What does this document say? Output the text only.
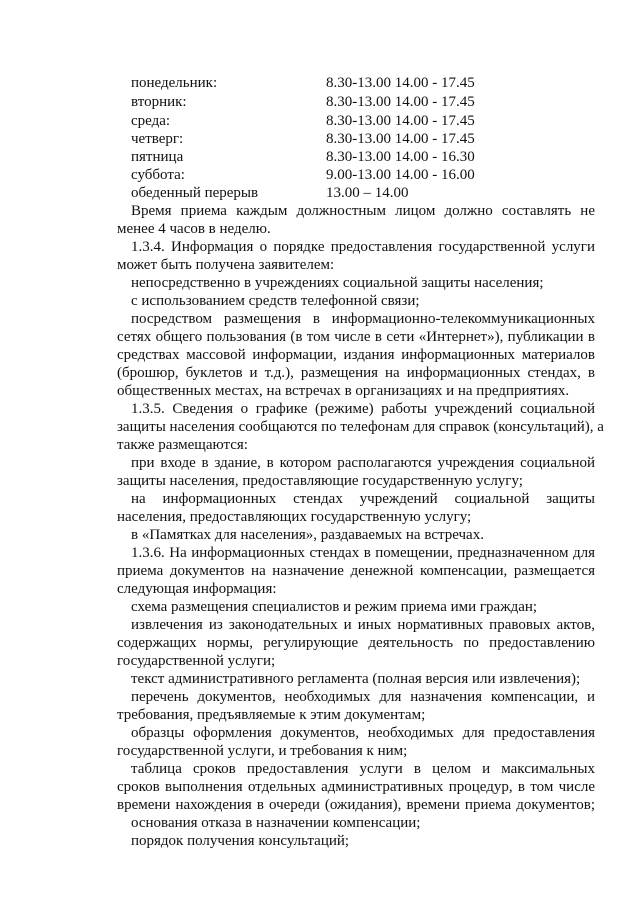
понедельник:	8.30-13.00 14.00 - 17.45
вторник:	8.30-13.00 14.00 - 17.45
среда:	8.30-13.00 14.00 - 17.45
четверг:	8.30-13.00 14.00 - 17.45
пятница	8.30-13.00 14.00 - 16.30
суббота:	9.00-13.00 14.00 - 16.00
обеденный перерыв	13.00 – 14.00
Время приема каждым должностным лицом должно составлять не
менее 4 часов в неделю.
1.3.4. Информация о порядке предоставления государственной услуги
может быть получена заявителем:
непосредственно в учреждениях социальной защиты населения;
с использованием средств телефонной связи;
посредством размещения в информационно-телекоммуникационных
сетях общего пользования (в том числе в сети «Интернет»), публикации в
средствах массовой информации, издания информационных материалов
(брошюр, буклетов и т.д.), размещения на информационных стендах, в
общественных местах, на встречах в организациях и на предприятиях.
1.3.5. Сведения о графике (режиме) работы учреждений социальной
защиты населения сообщаются по телефонам для справок (консультаций), а
также размещаются:
при входе в здание, в котором располагаются учреждения социальной
защиты населения, предоставляющие государственную услугу;
на информационных стендах учреждений социальной защиты
населения, предоставляющих государственную услугу;
в «Памятках для населения», раздаваемых на встречах.
1.3.6. На информационных стендах в помещении, предназначенном для
приема документов на назначение денежной компенсации, размещается
следующая информация:
схема размещения специалистов и режим приема ими граждан;
извлечения из законодательных и иных нормативных правовых актов,
содержащих нормы, регулирующие деятельность по предоставлению
государственной услуги;
текст административного регламента (полная версия или извлечения);
перечень документов, необходимых для назначения компенсации, и
требования, предъявляемые к этим документам;
образцы оформления документов, необходимых для предоставления
государственной услуги, и требования к ним;
таблица сроков предоставления услуги в целом и максимальных
сроков выполнения отдельных административных процедур, в том числе
времени нахождения в очереди (ожидания), времени приема документов;
основания отказа в назначении компенсации;
порядок получения консультаций;
